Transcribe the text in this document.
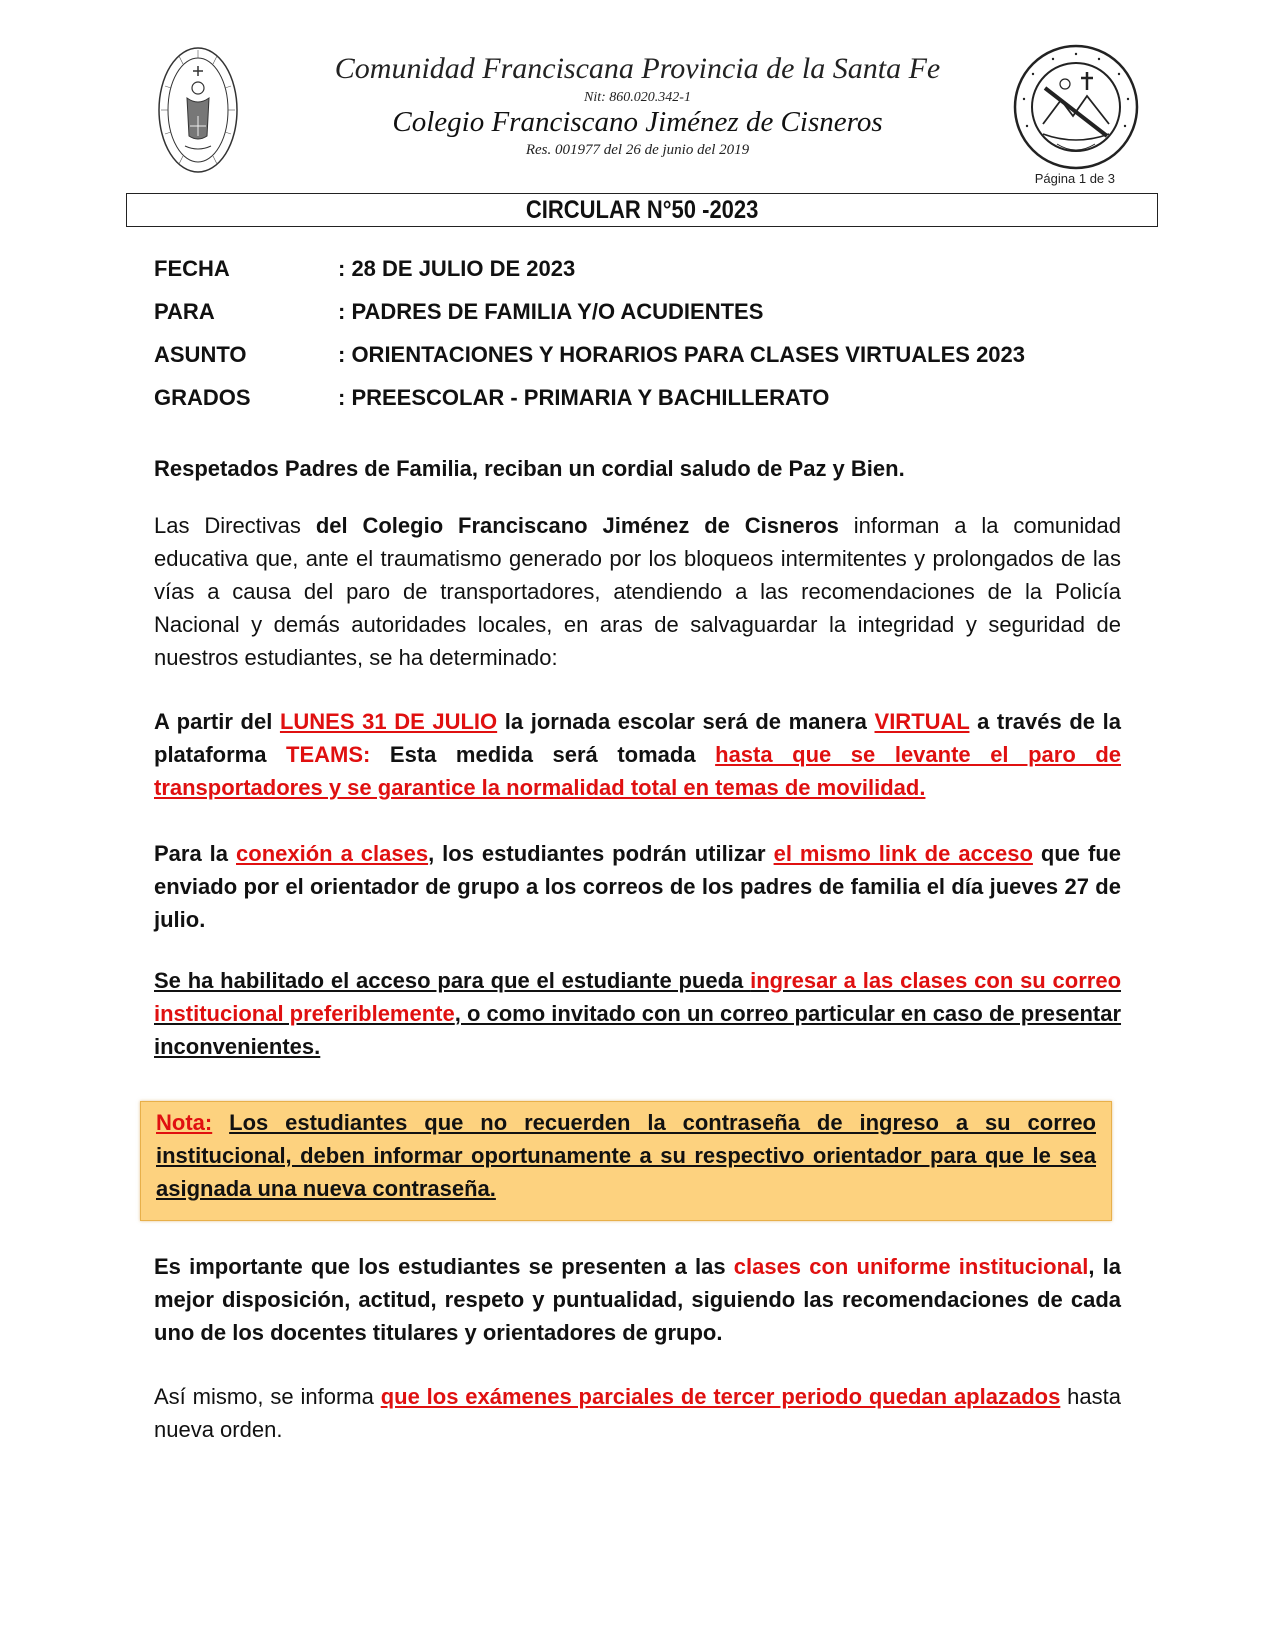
Comunidad Franciscana Provincia de la Santa Fe
Nit: 860.020.342-1
Colegio Franciscano Jiménez de Cisneros
Res. 001977 del 26 de junio del 2019
Página 1 de 3
CIRCULAR N°50 -2023
FECHA	: 28 DE JULIO DE 2023
PARA	: PADRES DE FAMILIA Y/O ACUDIENTES
ASUNTO	: ORIENTACIONES Y HORARIOS PARA CLASES VIRTUALES 2023
GRADOS	: PREESCOLAR - PRIMARIA Y BACHILLERATO
Respetados Padres de Familia, reciban un cordial saludo de Paz y Bien.
Las Directivas del Colegio Franciscano Jiménez de Cisneros informan a la comunidad educativa que, ante el traumatismo generado por los bloqueos intermitentes y prolongados de las vías a causa del paro de transportadores, atendiendo a las recomendaciones de la Policía Nacional y demás autoridades locales, en aras de salvaguardar la integridad y seguridad de nuestros estudiantes, se ha determinado:
A partir del LUNES 31 DE JULIO la jornada escolar será de manera VIRTUAL a través de la plataforma TEAMS: Esta medida será tomada hasta que se levante el paro de transportadores y se garantice la normalidad total en temas de movilidad.
Para la conexión a clases, los estudiantes podrán utilizar el mismo link de acceso que fue enviado por el orientador de grupo a los correos de los padres de familia el día jueves 27 de julio.
Se ha habilitado el acceso para que el estudiante pueda ingresar a las clases con su correo institucional preferiblemente, o como invitado con un correo particular en caso de presentar inconvenientes.
Nota: Los estudiantes que no recuerden la contraseña de ingreso a su correo institucional, deben informar oportunamente a su respectivo orientador para que le sea asignada una nueva contraseña.
Es importante que los estudiantes se presenten a las clases con uniforme institucional, la mejor disposición, actitud, respeto y puntualidad, siguiendo las recomendaciones de cada uno de los docentes titulares y orientadores de grupo.
Así mismo, se informa que los exámenes parciales de tercer periodo quedan aplazados hasta nueva orden.
